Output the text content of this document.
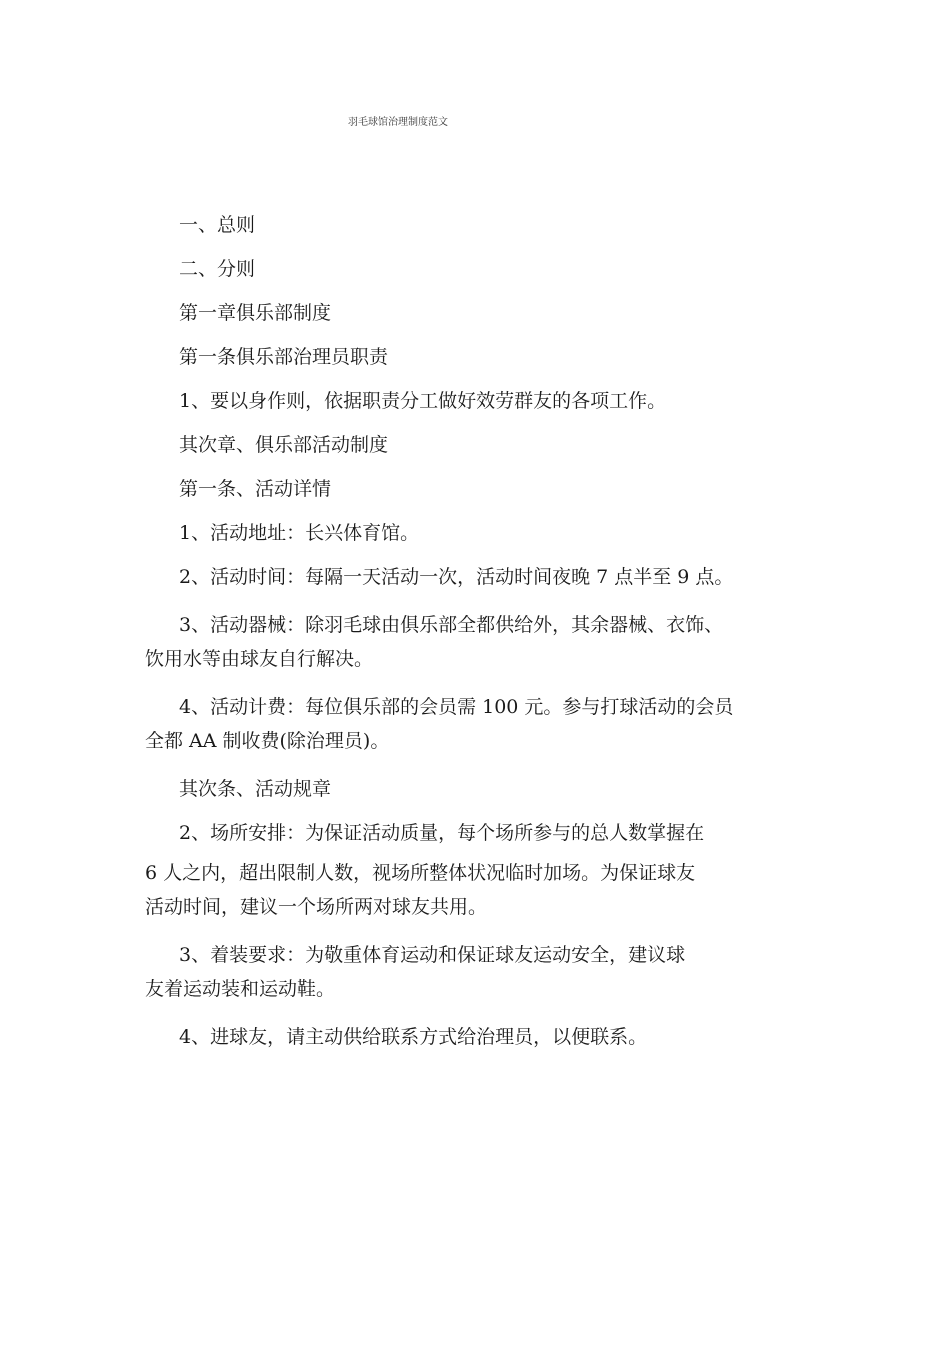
羽毛球馆治理制度范文
一、总则
二、分则
第一章俱乐部制度
第一条俱乐部治理员职责
1、要以身作则，依据职责分工做好效劳群友的各项工作。
其次章、俱乐部活动制度
第一条、活动详情
1、活动地址：长兴体育馆。
2、活动时间：每隔一天活动一次，活动时间夜晚 7 点半至 9 点。
3、活动器械：除羽毛球由俱乐部全都供给外，其余器械、衣饰、
饮用水等由球友自行解决。
4、活动计费：每位俱乐部的会员需 100 元。参与打球活动的会员
全都 AA 制收费(除治理员)。
其次条、活动规章
2、场所安排：为保证活动质量，每个场所参与的总人数掌握在
6 人之内，超出限制人数，视场所整体状况临时加场。为保证球友
活动时间，建议一个场所两对球友共用。
3、着装要求：为敬重体育运动和保证球友运动安全，建议球
友着运动装和运动鞋。
4、进球友，请主动供给联系方式给治理员，以便联系。
